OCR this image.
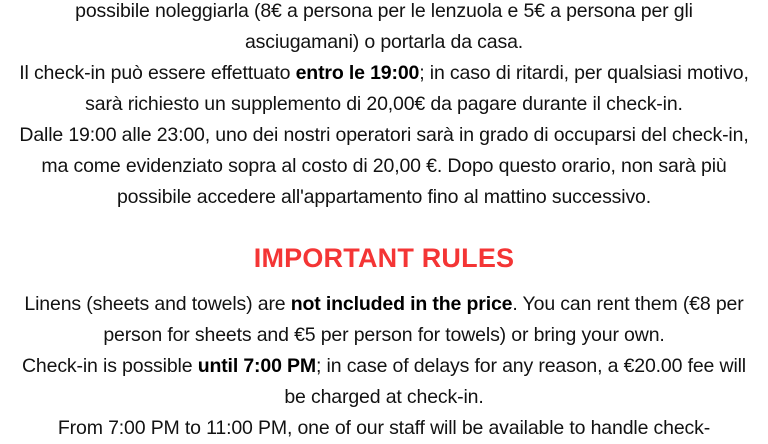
possibile noleggiarla (8€ a persona per le lenzuola e 5€ a persona per gli asciugamani) o portarla da casa.

Il check-in può essere effettuato entro le 19:00; in caso di ritardi, per qualsiasi motivo, sarà richiesto un supplemento di 20,00€ da pagare durante il check-in.

Dalle 19:00 alle 23:00, uno dei nostri operatori sarà in grado di occuparsi del check-in, ma come evidenziato sopra al costo di 20,00 €. Dopo questo orario, non sarà più possibile accedere all'appartamento fino al mattino successivo.

IMPORTANT RULES

Linens (sheets and towels) are not included in the price. You can rent them (€8 per person for sheets and €5 per person for towels) or bring your own.

Check-in is possible until 7:00 PM; in case of delays for any reason, a €20.00 fee will be charged at check-in.

From 7:00 PM to 11:00 PM, one of our staff will be available to handle check-
